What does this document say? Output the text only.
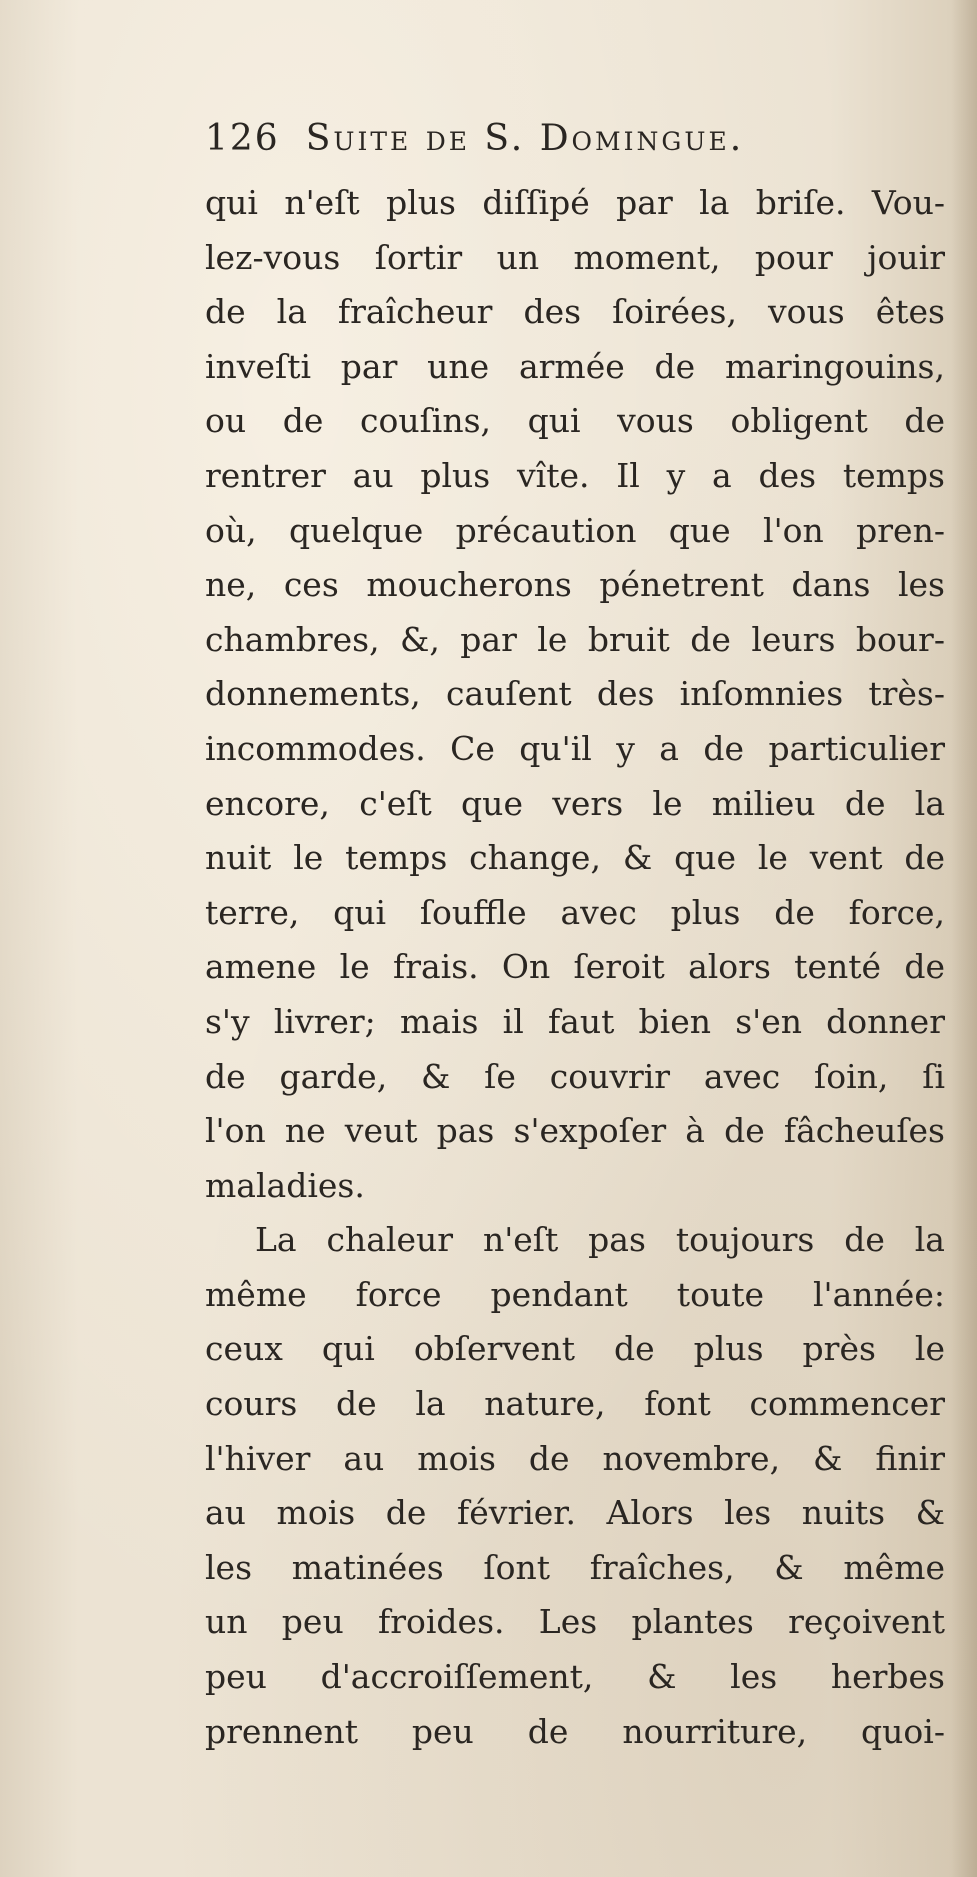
126 Suite de S. Domingue.
qui n'eſt plus diſſipé par la briſe. Vou-
lez-vous ſortir un moment, pour jouir
de la fraîcheur des ſoirées, vous êtes
inveſti par une armée de maringouins,
ou de couſins, qui vous obligent de
rentrer au plus vîte. Il y a des temps
où, quelque précaution que l'on pren-
ne, ces moucherons pénetrent dans les
chambres, &, par le bruit de leurs bour-
donnements, cauſent des inſomnies très-
incommodes. Ce qu'il y a de particulier
encore, c'eſt que vers le milieu de la
nuit le temps change, & que le vent de
terre, qui ſouffle avec plus de force,
amene le frais. On ſeroit alors tenté de
s'y livrer; mais il faut bien s'en donner
de garde, & ſe couvrir avec ſoin, ſi
l'on ne veut pas s'expoſer à de fâcheuſes
maladies.
La chaleur n'eſt pas toujours de la
même force pendant toute l'année:
ceux qui obſervent de plus près le
cours de la nature, font commencer
l'hiver au mois de novembre, & finir
au mois de février. Alors les nuits &
les matinées ſont fraîches, & même
un peu froides. Les plantes reçoivent
peu d'accroiſſement, & les herbes
prennent peu de nourriture, quoi-
